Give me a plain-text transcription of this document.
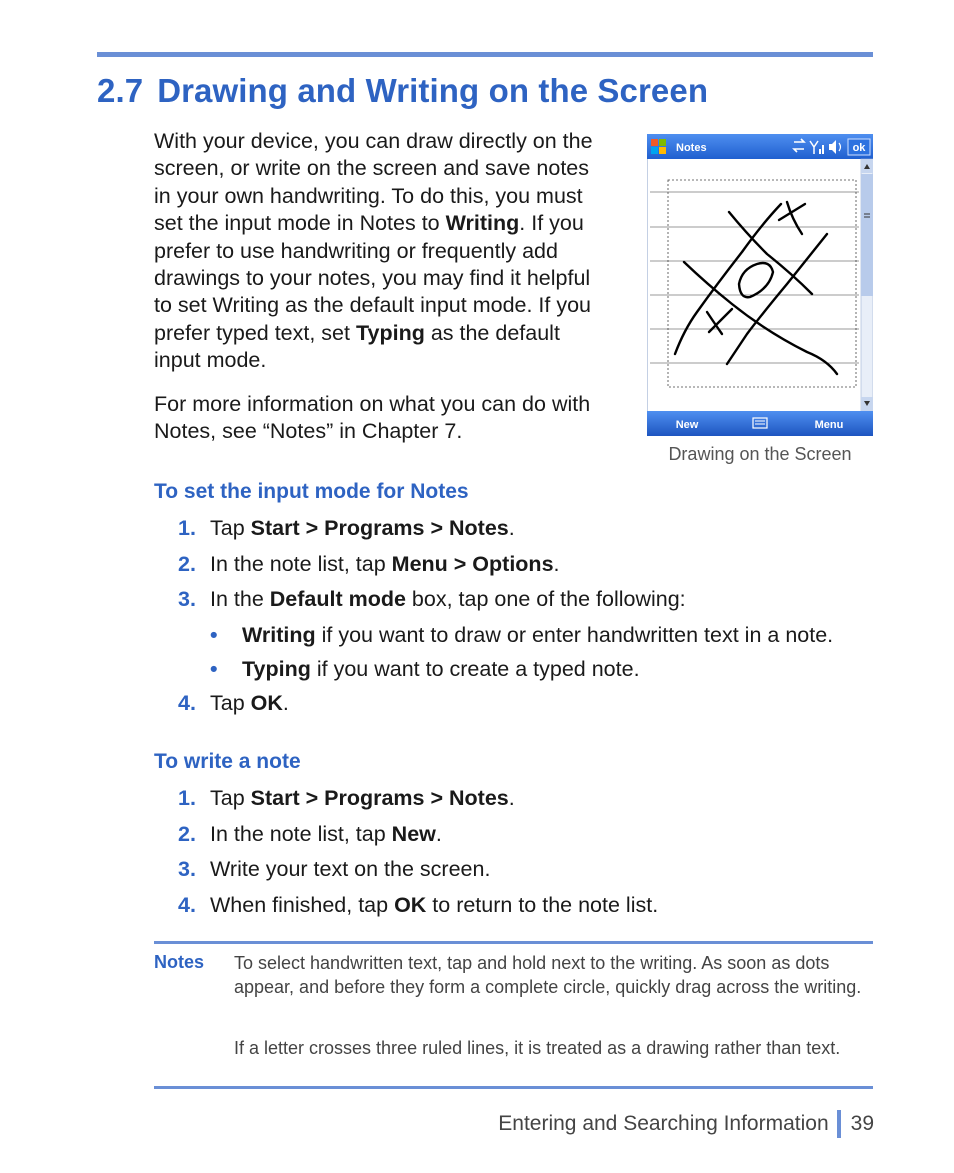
2.7 Drawing and Writing on the Screen

With your device, you can draw directly on the screen, or write on the screen and save notes in your own handwriting. To do this, you must set the input mode in Notes to Writing. If you prefer to use handwriting or frequently add drawings to your notes, you may find it helpful to set Writing as the default input mode. If you prefer typed text, set Typing as the default input mode.

For more information on what you can do with Notes, see “Notes” in Chapter 7.

Notes	ok
New	Menu
Drawing on the Screen
To set the input mode for Notes
1. Tap Start > Programs > Notes.
2. In the note list, tap Menu > Options.
3. In the Default mode box, tap one of the following:
• Writing if you want to draw or enter handwritten text in a note.
• Typing if you want to create a typed note.
4. Tap OK.
To write a note
1. Tap Start > Programs > Notes.
2. In the note list, tap New.
3. Write your text on the screen.
4. When finished, tap OK to return to the note list.
Notes To select handwritten text, tap and hold next to the writing. As soon as dots appear, and before they form a complete circle, quickly drag across the writing.

If a letter crosses three ruled lines, it is treated as a drawing rather than text.

Entering and Searching Information 39
